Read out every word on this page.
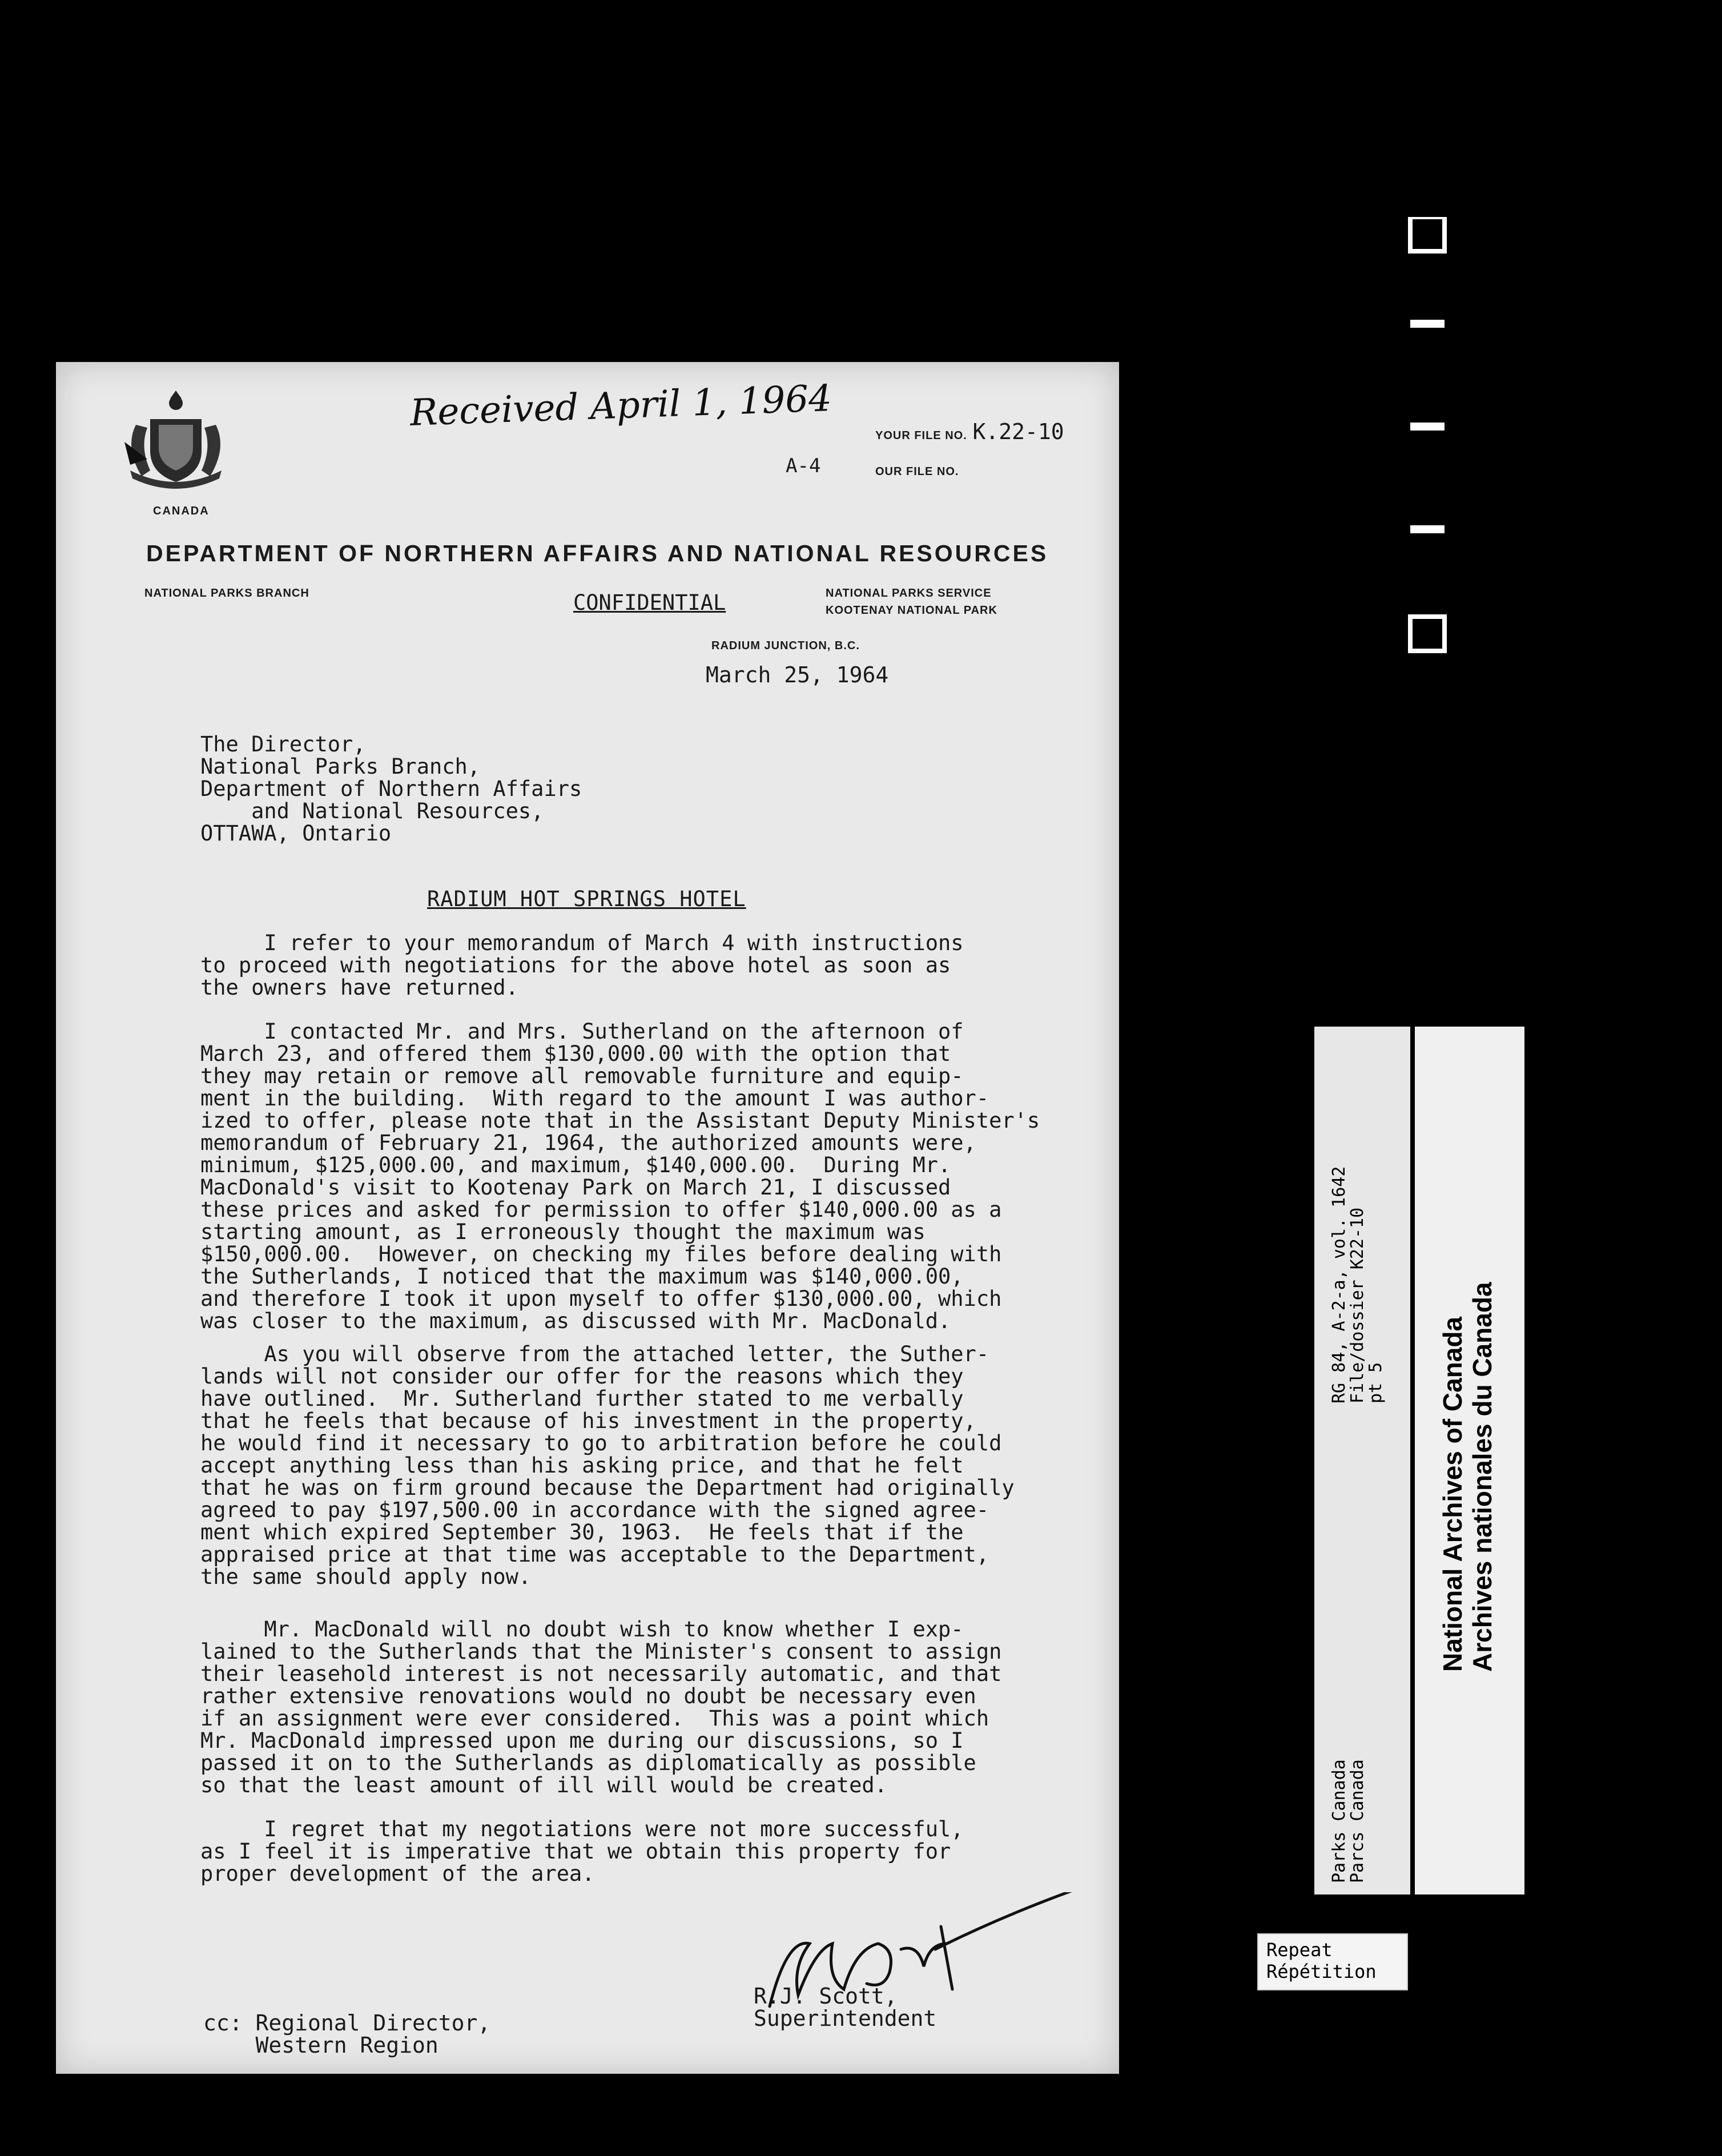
CANADA
Received April 1, 1964
YOUR FILE NO. K.22-10
A-4	OUR FILE NO.
DEPARTMENT OF NORTHERN AFFAIRS AND NATIONAL RESOURCES
NATIONAL PARKS BRANCH	CONFIDENTIAL	NATIONAL PARKS SERVICE
KOOTENAY NATIONAL PARK
RADIUM JUNCTION, B.C.
March 25, 1964
The Director,
National Parks Branch,
Department of Northern Affairs
and National Resources,
OTTAWA, Ontario
RADIUM HOT SPRINGS HOTEL
I refer to your memorandum of March 4 with instructions
to proceed with negotiations for the above hotel as soon as
the owners have returned.
I contacted Mr. and Mrs. Sutherland on the afternoon of
March 23, and offered them $130,000.00 with the option that
they may retain or remove all removable furniture and equip-
ment in the building.  With regard to the amount I was author-
ized to offer, please note that in the Assistant Deputy Minister's
memorandum of February 21, 1964, the authorized amounts were,
minimum, $125,000.00, and maximum, $140,000.00.  During Mr.
MacDonald's visit to Kootenay Park on March 21, I discussed
these prices and asked for permission to offer $140,000.00 as a
starting amount, as I erroneously thought the maximum was
$150,000.00.  However, on checking my files before dealing with
the Sutherlands, I noticed that the maximum was $140,000.00,
and therefore I took it upon myself to offer $130,000.00, which
was closer to the maximum, as discussed with Mr. MacDonald.
As you will observe from the attached letter, the Suther-
lands will not consider our offer for the reasons which they
have outlined.  Mr. Sutherland further stated to me verbally
that he feels that because of his investment in the property,
he would find it necessary to go to arbitration before he could
accept anything less than his asking price, and that he felt
that he was on firm ground because the Department had originally
agreed to pay $197,500.00 in accordance with the signed agree-
ment which expired September 30, 1963.  He feels that if the
appraised price at that time was acceptable to the Department,
the same should apply now.
Mr. MacDonald will no doubt wish to know whether I exp-
lained to the Sutherlands that the Minister's consent to assign
their leasehold interest is not necessarily automatic, and that
rather extensive renovations would no doubt be necessary even
if an assignment were ever considered.  This was a point which
Mr. MacDonald impressed upon me during our discussions, so I
passed it on to the Sutherlands as diplomatically as possible
so that the least amount of ill will would be created.
I regret that my negotiations were not more successful,
as I feel it is imperative that we obtain this property for
proper development of the area.
R.J. Scott,
Superintendent
cc: Regional Director,
Western Region
RG 84, A-2-a, vol. 1642
File/dossier K22-10
pt 5
Parks Canada
Parcs Canada
National Archives of Canada
Archives nationales du Canada
Repeat
Répétition
